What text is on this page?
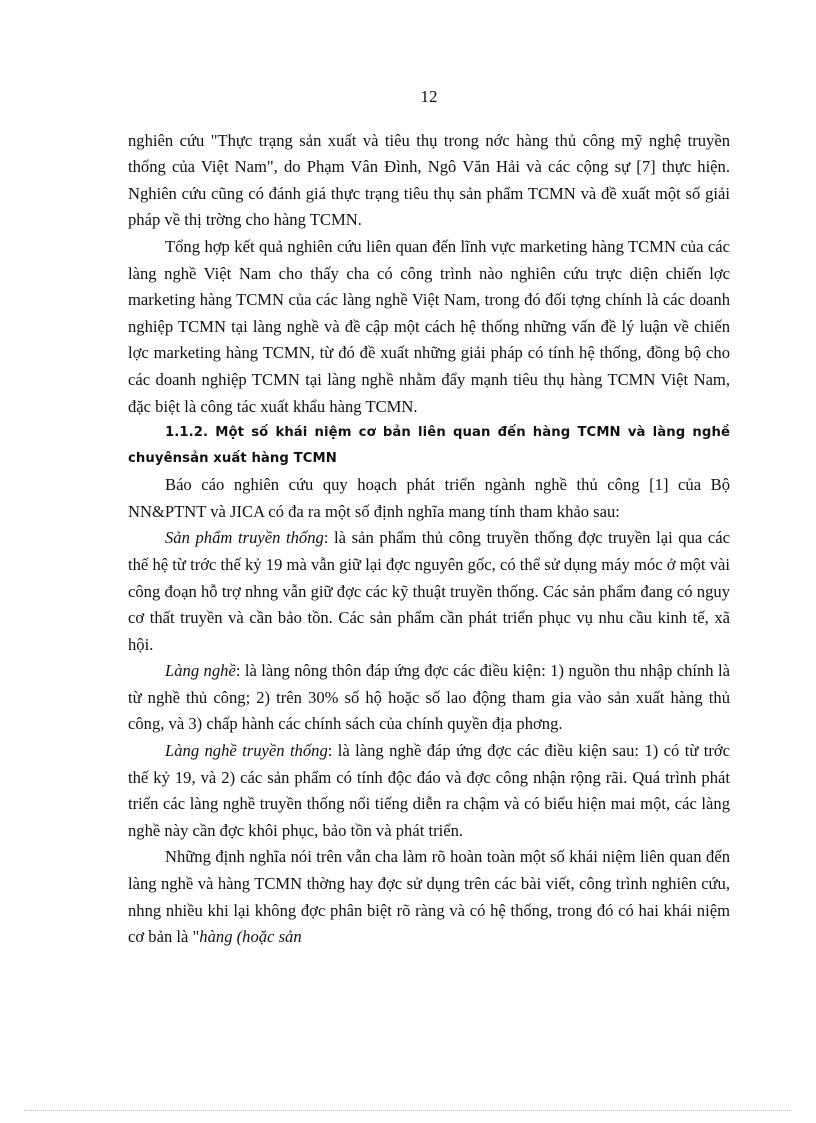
12

nghiên cứu "Thực trạng sản xuất và tiêu thụ trong nớc hàng thủ công mỹ nghệ truyền thống của Việt Nam", do Phạm Vân Đình, Ngô Văn Hải và các cộng sự [7] thực hiện. Nghiên cứu cũng có đánh giá thực trạng tiêu thụ sản phẩm TCMN và đề xuất một số giải pháp về thị trờng cho hàng TCMN.

Tổng hợp kết quả nghiên cứu liên quan đến lĩnh vực marketing hàng TCMN của các làng nghề Việt Nam cho thấy cha có công trình nào nghiên cứu trực diện chiến lợc marketing hàng TCMN của các làng nghề Việt Nam, trong đó đối tợng chính là các doanh nghiệp TCMN tại làng nghề và đề cập một cách hệ thống những vấn đề lý luận về chiến lợc marketing hàng TCMN, từ đó đề xuất những giải pháp có tính hệ thống, đồng bộ cho các doanh nghiệp TCMN tại làng nghề nhằm đẩy mạnh tiêu thụ hàng TCMN Việt Nam, đặc biệt là công tác xuất khẩu hàng TCMN.

1.1.2. Một số khái niệm cơ bản liên quan đến hàng TCMN và làng nghề chuyênsản xuất hàng TCMN

Báo cáo nghiên cứu quy hoạch phát triển ngành nghề thủ công [1] của Bộ NN&PTNT và JICA có đa ra một số định nghĩa mang tính tham khảo sau:

Sản phẩm truyền thống: là sản phẩm thủ công truyền thống đợc truyền lại qua các thế hệ từ trớc thế kỷ 19 mà vẫn giữ lại đợc nguyên gốc, có thể sử dụng máy móc ở một vài công đoạn hỗ trợ nhng vẫn giữ đợc các kỹ thuật truyền thống. Các sản phẩm đang có nguy cơ thất truyền và cần bảo tồn. Các sản phẩm cần phát triển phục vụ nhu cầu kinh tế, xã hội.

Làng nghề: là làng nông thôn đáp ứng đợc các điều kiện: 1) nguồn thu nhập chính là từ nghề thủ công; 2) trên 30% số hộ hoặc số lao động tham gia vào sản xuất hàng thủ công, và 3) chấp hành các chính sách của chính quyền địa phơng.

Làng nghề truyền thống: là làng nghề đáp ứng đợc các điều kiện sau: 1) có từ trớc thế kỷ 19, và 2) các sản phẩm có tính độc đáo và đợc công nhận rộng rãi. Quá trình phát triển các làng nghề truyền thống nổi tiếng diễn ra chậm và có biểu hiện mai một, các làng nghề này cần đợc khôi phục, bảo tồn và phát triển.

Những định nghĩa nói trên vẫn cha làm rõ hoàn toàn một số khái niệm liên quan đến làng nghề và hàng TCMN thờng hay đợc sử dụng trên các bài viết, công trình nghiên cứu, nhng nhiều khi lại không đợc phân biệt rõ ràng và có hệ thống, trong đó có hai khái niệm cơ bản là "hàng (hoặc sản
